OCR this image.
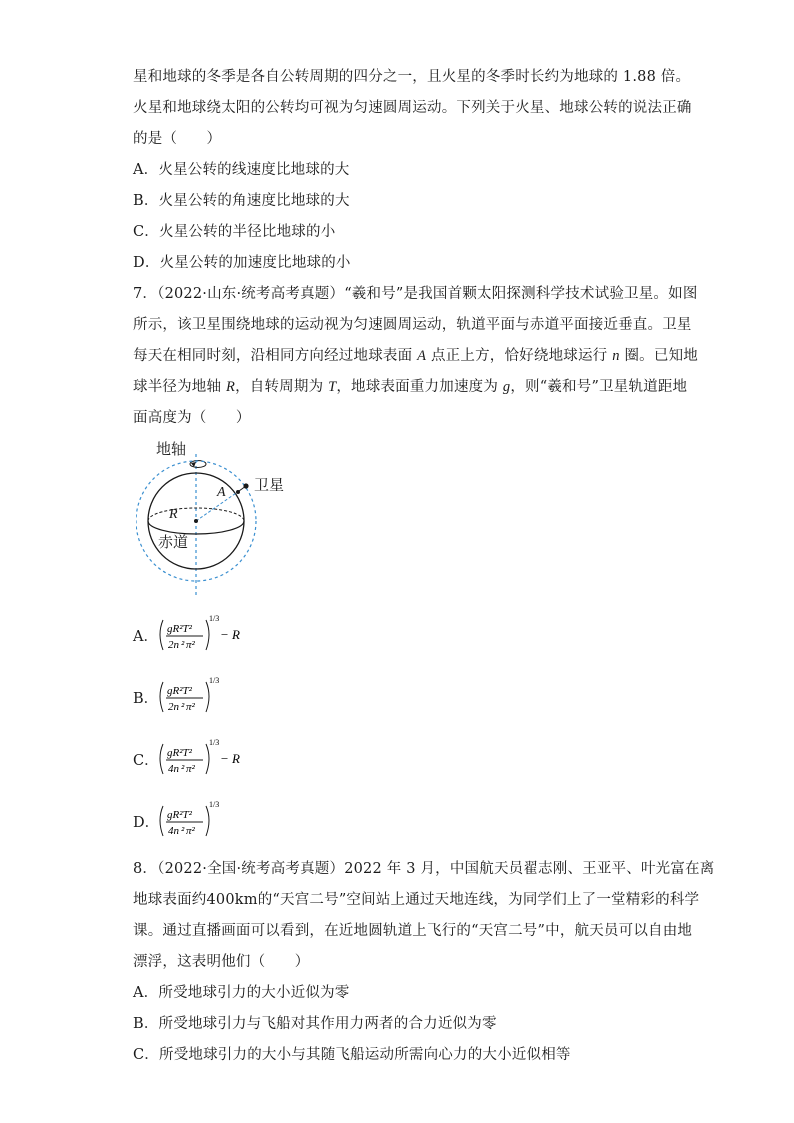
星和地球的冬季是各自公转周期的四分之一，且火星的冬季时长约为地球的 1.88 倍。
火星和地球绕太阳的公转均可视为匀速圆周运动。下列关于火星、地球公转的说法正确
的是（　　）
A．火星公转的线速度比地球的大
B．火星公转的角速度比地球的大
C．火星公转的半径比地球的小
D．火星公转的加速度比地球的小
7．（2022·山东·统考高考真题）“羲和号”是我国首颗太阳探测科学技术试验卫星。如图
所示，该卫星围绕地球的运动视为匀速圆周运动，轨道平面与赤道平面接近垂直。卫星
每天在相同时刻，沿相同方向经过地球表面 A 点正上方，恰好绕地球运行 n 圈。已知地
球半径为地轴 R，自转周期为 T，地球表面重力加速度为 g，则“羲和号”卫星轨道距地
面高度为（　　）
地轴
卫星
A
R
赤道
A． gR²T²
2n ² π²
1/3
− R
B． gR²T²
2n ² π²
1/3
C． gR²T²
4n ² π²
1/3
− R
D． gR²T²
4n ² π²
1/3
8．（2022·全国·统考高考真题）2022 年 3 月，中国航天员翟志刚、王亚平、叶光富在离
地球表面约400km的“天宫二号”空间站上通过天地连线，为同学们上了一堂精彩的科学
课。通过直播画面可以看到，在近地圆轨道上飞行的“天宫二号”中，航天员可以自由地
漂浮，这表明他们（　　）
A．所受地球引力的大小近似为零
B．所受地球引力与飞船对其作用力两者的合力近似为零
C．所受地球引力的大小与其随飞船运动所需向心力的大小近似相等
